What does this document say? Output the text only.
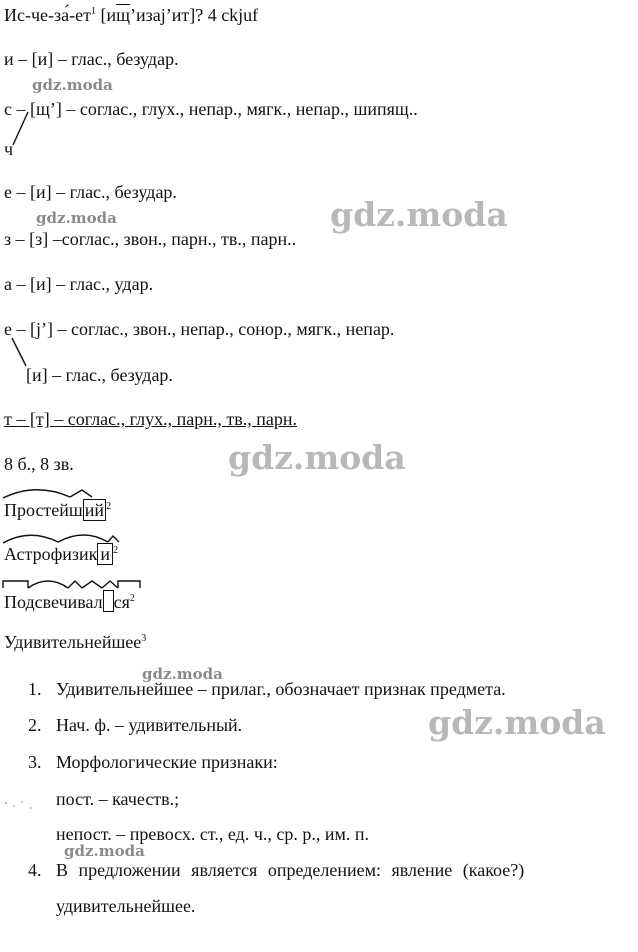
$Ис-че-за́-ет^1$ [ищ’изаj’ит]? 4 ckjuf
и – [и] – глас., безудар.
с – [щ’] – соглас., глух., непар., мягк., непар., шипящ..
ч
е – [и] – глас., безудар.
з – [з] –соглас., звон., парн., тв., парн..
а – [и] – глас., удар.
е – [j’] – соглас., звон., непар., сонор., мягк., непар.
[и] – глас., безудар.
т – [т] – соглас., глух., парн., тв., парн.
8 б., 8 зв.
Простейш ий $^2$
Астрофизик и $^2$
Подсвечивал $ся^2$
Удивительнейшее$^3$
1. Удивительнейшее – прилаг., обозначает признак предмета.
2. Нач. ф. – удивительный.
3. Морфологические признаки:
пост. – качеств.;
непост. – превосх. ст., ед. ч., ср. р., им. п.
4. В предложении является определением: явление (какое?)
удивительнейшее.
gdz.moda
gdz.moda
gdz.moda
gdz.moda
gdz.moda
gdz.moda
gdz.moda
